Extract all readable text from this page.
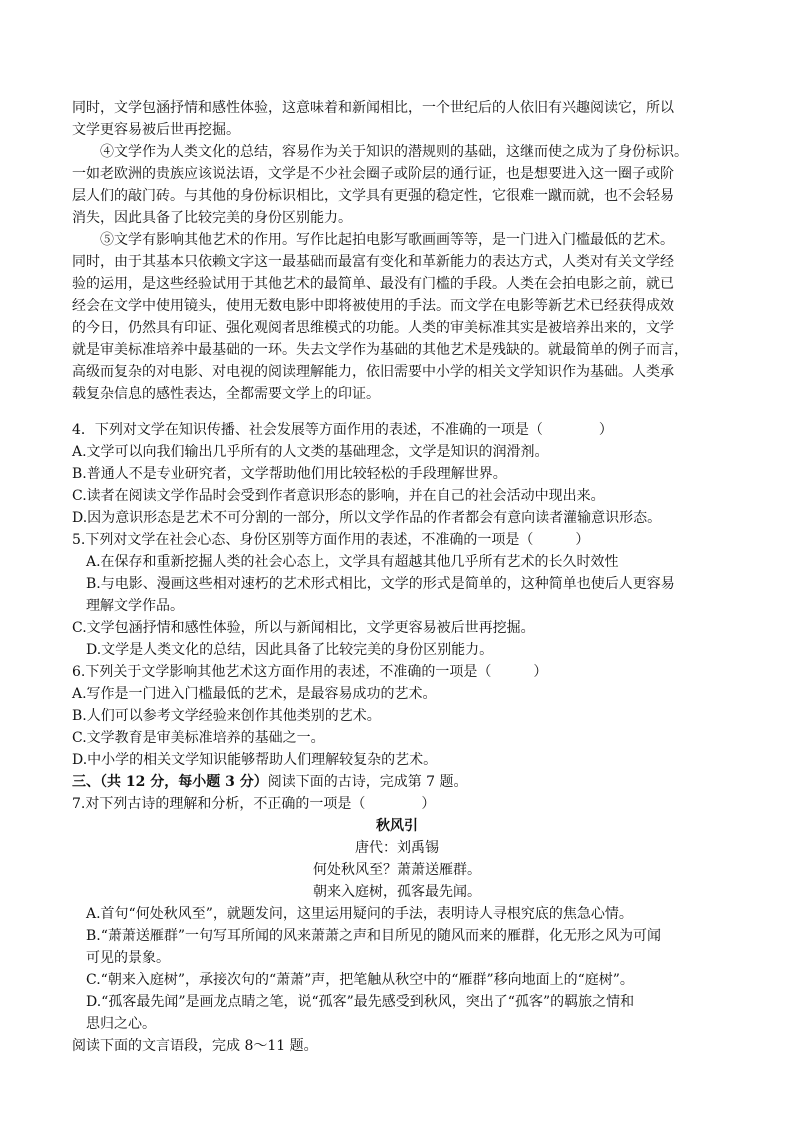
同时，文学包涵抒情和感性体验，这意味着和新闻相比，一个世纪后的人依旧有兴趣阅读它，所以
文学更容易被后世再挖掘。
④文学作为人类文化的总结，容易作为关于知识的潜规则的基础，这继而使之成为了身份标识。
一如老欧洲的贵族应该说法语，文学是不少社会圈子或阶层的通行证，也是想要进入这一圈子或阶
层人们的敲门砖。与其他的身份标识相比，文学具有更强的稳定性，它很难一蹴而就，也不会轻易
消失，因此具备了比较完美的身份区别能力。
⑤文学有影响其他艺术的作用。写作比起拍电影写歌画画等等，是一门进入门槛最低的艺术。
同时，由于其基本只依赖文字这一最基础而最富有变化和革新能力的表达方式，人类对有关文学经
验的运用，是这些经验试用于其他艺术的最简单、最没有门槛的手段。人类在会拍电影之前，就已
经会在文学中使用镜头，使用无数电影中即将被使用的手法。而文学在电影等新艺术已经获得成效
的今日，仍然具有印证、强化观阅者思维模式的功能。人类的审美标准其实是被培养出来的，文学
就是审美标准培养中最基础的一环。失去文学作为基础的其他艺术是残缺的。就最简单的例子而言，
高级而复杂的对电影、对电视的阅读理解能力，依旧需要中小学的相关文学知识作为基础。人类承
载复杂信息的感性表达，全都需要文学上的印证。
4．下列对文学在知识传播、社会发展等方面作用的表述，不准确的一项是（　　　　）
A.文学可以向我们输出几乎所有的人文类的基础理念，文学是知识的润滑剂。
B.普通人不是专业研究者，文学帮助他们用比较轻松的手段理解世界。
C.读者在阅读文学作品时会受到作者意识形态的影响，并在自己的社会活动中现出来。
D.因为意识形态是艺术不可分割的一部分，所以文学作品的作者都会有意向读者灌输意识形态。
5.下列对文学在社会心态、身份区别等方面作用的表述，不准确的一项是（　　　）
A.在保存和重新挖掘人类的社会心态上，文学具有超越其他几乎所有艺术的长久时效性
B.与电影、漫画这些相对速朽的艺术形式相比，文学的形式是简单的，这种简单也使后人更容易
理解文学作品。
C.文学包涵抒情和感性体验，所以与新闻相比，文学更容易被后世再挖掘。
D.文学是人类文化的总结，因此具备了比较完美的身份区别能力。
6.下列关于文学影响其他艺术这方面作用的表述，不准确的一项是（　　　）
A.写作是一门进入门槛最低的艺术，是最容易成功的艺术。
B.人们可以参考文学经验来创作其他类别的艺术。
C.文学教育是审美标准培养的基础之一。
D.中小学的相关文学知识能够帮助人们理解较复杂的艺术。
三、（共 12 分，每小题 3 分）阅读下面的古诗，完成第 7 题。
7.对下列古诗的理解和分析，不正确的一项是（　　　　）
秋风引
唐代：刘禹锡
何处秋风至？萧萧送雁群。
朝来入庭树，孤客最先闻。
A.首句“何处秋风至”，就题发问，这里运用疑问的手法，表明诗人寻根究底的焦急心情。
B.“萧萧送雁群”一句写耳所闻的风来萧萧之声和目所见的随风而来的雁群，化无形之风为可闻
可见的景象。
C.“朝来入庭树”，承接次句的“萧萧”声，把笔触从秋空中的“雁群”移向地面上的“庭树”。
D.“孤客最先闻”是画龙点睛之笔，说“孤客”最先感受到秋风，突出了“孤客”的羁旅之情和
思归之心。
阅读下面的文言语段，完成 8～11 题。
